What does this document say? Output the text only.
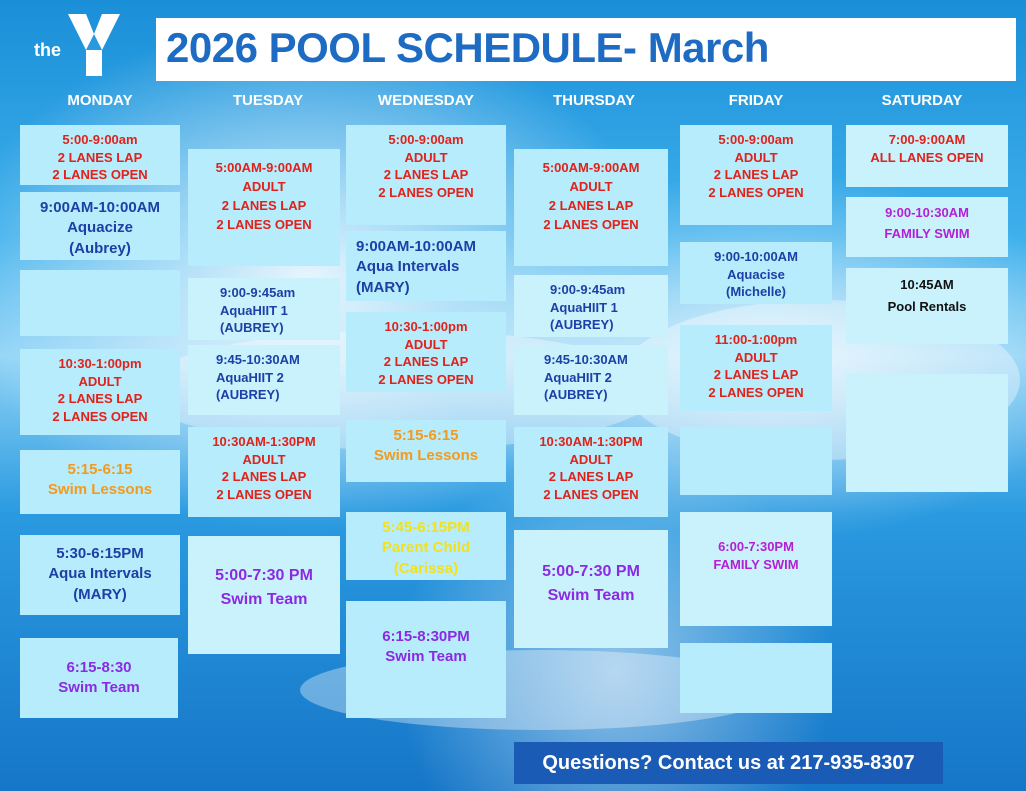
the	2026 POOL SCHEDULE- March
MONDAY	TUESDAY	WEDNESDAY	THURSDAY	FRIDAY	SATURDAY
5:00-9:00am
2 LANES LAP
2 LANES OPEN
9:00AM-10:00AM
Aquacize
(Aubrey)
10:30-1:00pm
ADULT
2 LANES LAP
2 LANES OPEN
5:15-6:15
Swim Lessons
5:30-6:15PM
Aqua Intervals
(MARY)
6:15-8:30
Swim Team
5:00AM-9:00AM
ADULT
2 LANES LAP
2 LANES OPEN
9:00-9:45am
AquaHIIT 1
(AUBREY)
9:45-10:30AM
AquaHIIT 2
(AUBREY)
10:30AM-1:30PM
ADULT
2 LANES LAP
2 LANES OPEN
5:00-7:30 PM
Swim Team
5:00-9:00am
ADULT
2 LANES LAP
2 LANES OPEN
9:00AM-10:00AM
Aqua Intervals
(MARY)
10:30-1:00pm
ADULT
2 LANES LAP
2 LANES OPEN
5:15-6:15
Swim Lessons
5:45-6:15PM
Parent Child
(Carissa)
6:15-8:30PM
Swim Team
5:00AM-9:00AM
ADULT
2 LANES LAP
2 LANES OPEN
9:00-9:45am
AquaHIIT 1
(AUBREY)
9:45-10:30AM
AquaHIIT 2
(AUBREY)
10:30AM-1:30PM
ADULT
2 LANES LAP
2 LANES OPEN
5:00-7:30 PM
Swim Team
5:00-9:00am
ADULT
2 LANES LAP
2 LANES OPEN
9:00-10:00AM
Aquacise
(Michelle)
11:00-1:00pm
ADULT
2 LANES LAP
2 LANES OPEN
6:00-7:30PM
FAMILY SWIM
7:00-9:00AM
ALL LANES OPEN
9:00-10:30AM
FAMILY SWIM
10:45AM
Pool Rentals
Questions? Contact us at 217-935-8307
